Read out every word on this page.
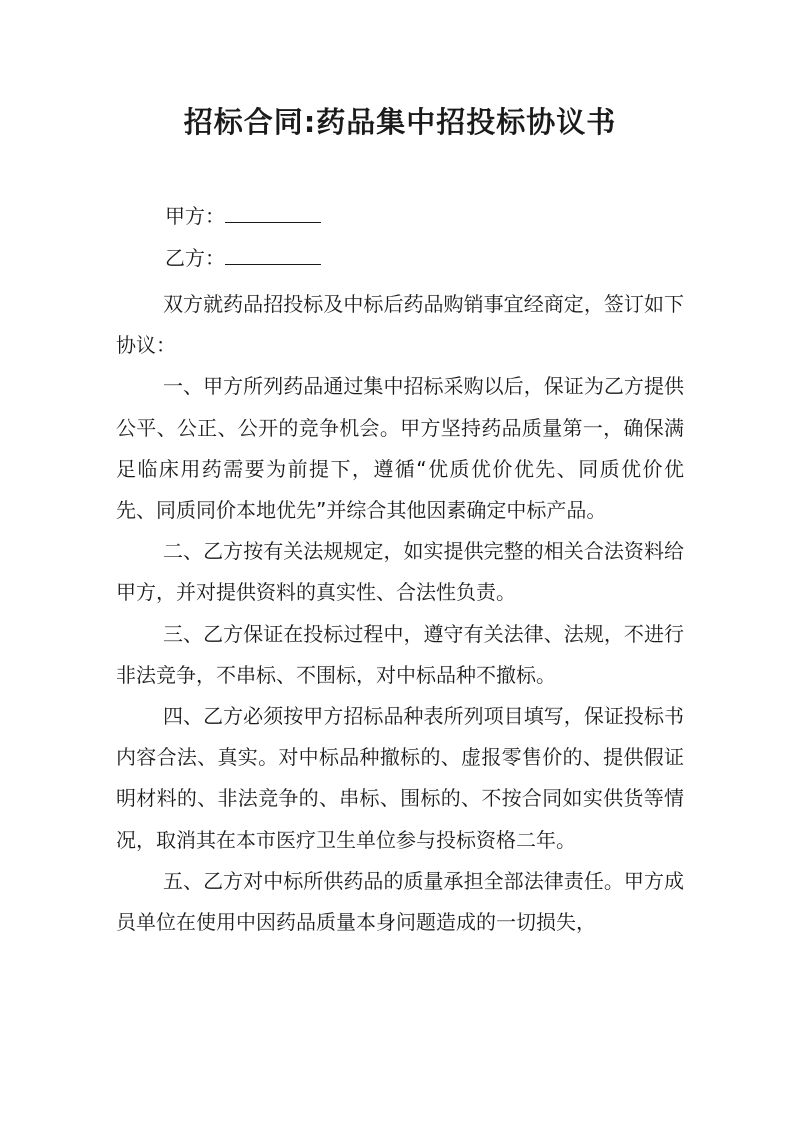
招标合同:药品集中招投标协议书
甲方：
乙方：

双方就药品招投标及中标后药品购销事宜经商定，签订如下协议：

一、甲方所列药品通过集中招标采购以后，保证为乙方提供公平、公正、公开的竞争机会。甲方坚持药品质量第一，确保满足临床用药需要为前提下，遵循“优质优价优先、同质优价优先、同质同价本地优先”并综合其他因素确定中标产品。

二、乙方按有关法规规定，如实提供完整的相关合法资料给甲方，并对提供资料的真实性、合法性负责。

三、乙方保证在投标过程中，遵守有关法律、法规，不进行非法竞争，不串标、不围标，对中标品种不撤标。

四、乙方必须按甲方招标品种表所列项目填写，保证投标书内容合法、真实。对中标品种撤标的、虚报零售价的、提供假证明材料的、非法竞争的、串标、围标的、不按合同如实供货等情况，取消其在本市医疗卫生单位参与投标资格二年。

五、乙方对中标所供药品的质量承担全部法律责任。甲方成员单位在使用中因药品质量本身问题造成的一切损失，
